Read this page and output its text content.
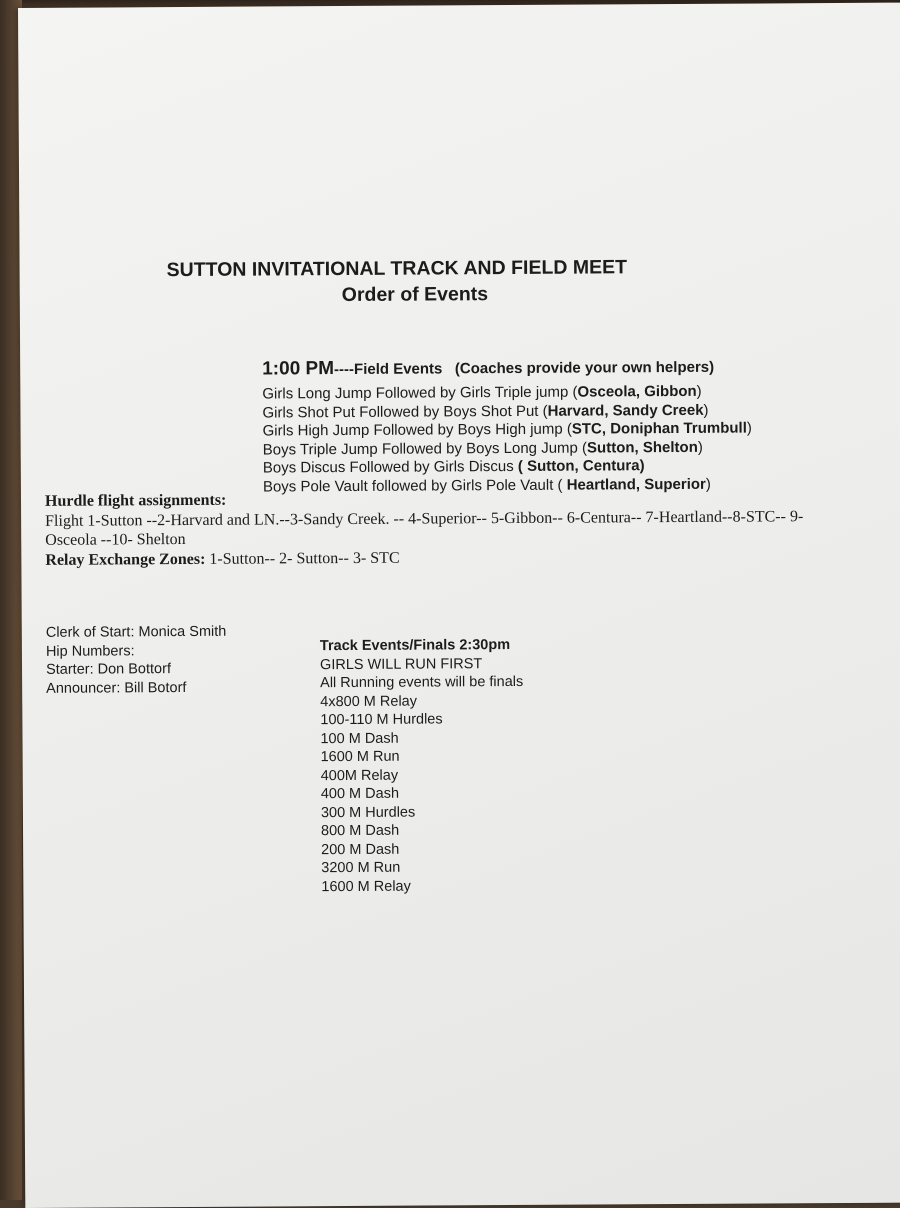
SUTTON INVITATIONAL TRACK AND FIELD MEET
Order of Events
1:00 PM----Field Events (Coaches provide your own helpers)
Girls Long Jump Followed by Girls Triple jump (Osceola, Gibbon)
Girls Shot Put Followed by Boys Shot Put (Harvard, Sandy Creek)
Girls High Jump Followed by Boys High jump (STC, Doniphan Trumbull)
Boys Triple Jump Followed by Boys Long Jump (Sutton, Shelton)
Boys Discus Followed by Girls Discus ( Sutton, Centura)
Boys Pole Vault followed by Girls Pole Vault ( Heartland, Superior)
Hurdle flight assignments:
Flight 1-Sutton --2-Harvard and LN.--3-Sandy Creek. -- 4-Superior-- 5-Gibbon-- 6-Centura-- 7-Heartland--8-STC-- 9-Osceola --10- Shelton
Relay Exchange Zones: 1-Sutton-- 2- Sutton-- 3- STC
Clerk of Start: Monica Smith
Hip Numbers:
Starter: Don Bottorf
Announcer: Bill Botorf
Track Events/Finals 2:30pm
GIRLS WILL RUN FIRST
All Running events will be finals
4x800 M Relay
100-110 M Hurdles
100 M Dash
1600 M Run
400M Relay
400 M Dash
300 M Hurdles
800 M Dash
200 M Dash
3200 M Run
1600 M Relay
